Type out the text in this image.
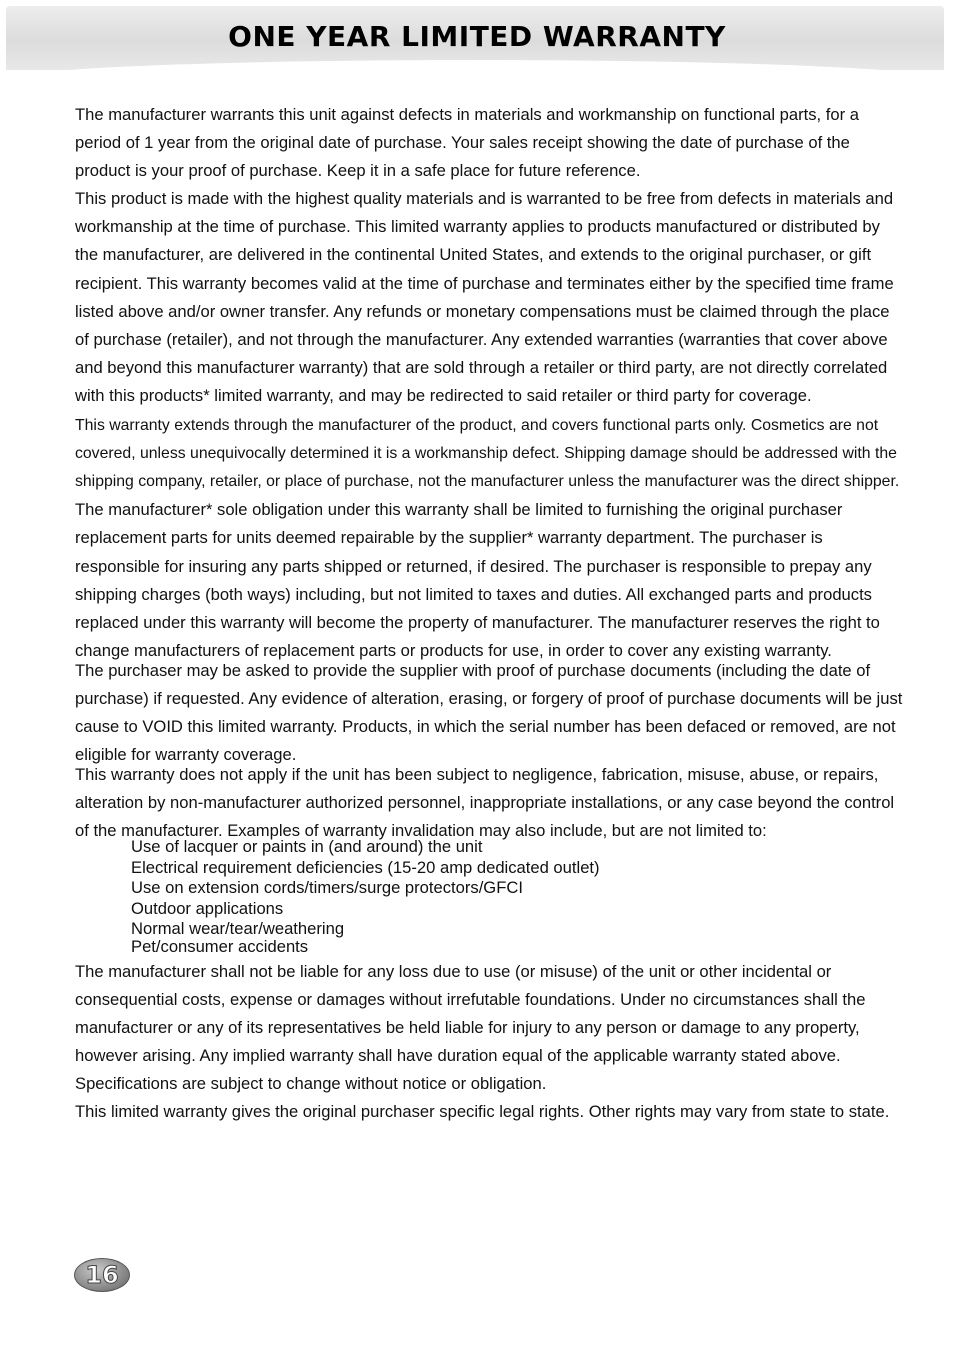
ONE YEAR LIMITED WARRANTY

The manufacturer warrants this unit against defects in materials and workmanship on functional parts, for a period of 1 year from the original date of purchase. Your sales receipt showing the date of purchase of the product is your proof of purchase. Keep it in a safe place for future reference.

This product is made with the highest quality materials and is warranted to be free from defects in materials and workmanship at the time of purchase. This limited warranty applies to products manufactured or distributed by the manufacturer, are delivered in the continental United States, and extends to the original purchaser, or gift recipient. This warranty becomes valid at the time of purchase and terminates either by the specified time frame listed above and/or owner transfer. Any refunds or monetary compensations must be claimed through the place of purchase (retailer), and not through the manufacturer. Any extended warranties (warranties that cover above and beyond this manufacturer warranty) that are sold through a retailer or third party, are not directly correlated with this products* limited warranty, and may be redirected to said retailer or third party for coverage.

This warranty extends through the manufacturer of the product, and covers functional parts only. Cosmetics are not covered, unless unequivocally determined it is a workmanship defect. Shipping damage should be addressed with the shipping company, retailer, or place of purchase, not the manufacturer unless the manufacturer was the direct shipper.

The manufacturer* sole obligation under this warranty shall be limited to furnishing the original purchaser replacement parts for units deemed repairable by the supplier* warranty department. The purchaser is responsible for insuring any parts shipped or returned, if desired. The purchaser is responsible to prepay any shipping charges (both ways) including, but not limited to taxes and duties. All exchanged parts and products replaced under this warranty will become the property of manufacturer. The manufacturer reserves the right to change manufacturers of replacement parts or products for use, in order to cover any existing warranty.

The purchaser may be asked to provide the supplier with proof of purchase documents (including the date of purchase) if requested. Any evidence of alteration, erasing, or forgery of proof of purchase documents will be just cause to VOID this limited warranty. Products, in which the serial number has been defaced or removed, are not eligible for warranty coverage.

This warranty does not apply if the unit has been subject to negligence, fabrication, misuse, abuse, or repairs, alteration by non-manufacturer authorized personnel, inappropriate installations, or any case beyond the control of the manufacturer. Examples of warranty invalidation may also include, but are not limited to:

Use of lacquer or paints in (and around) the unit
Electrical requirement deficiencies (15-20 amp dedicated outlet)
Use on extension cords/timers/surge protectors/GFCI
Outdoor applications
Normal wear/tear/weathering
Pet/consumer accidents

The manufacturer shall not be liable for any loss due to use (or misuse) of the unit or other incidental or consequential costs, expense or damages without irrefutable foundations. Under no circumstances shall the manufacturer or any of its representatives be held liable for injury to any person or damage to any property, however arising. Any implied warranty shall have duration equal of the applicable warranty stated above. Specifications are subject to change without notice or obligation.

This limited warranty gives the original purchaser specific legal rights. Other rights may vary from state to state.

16
